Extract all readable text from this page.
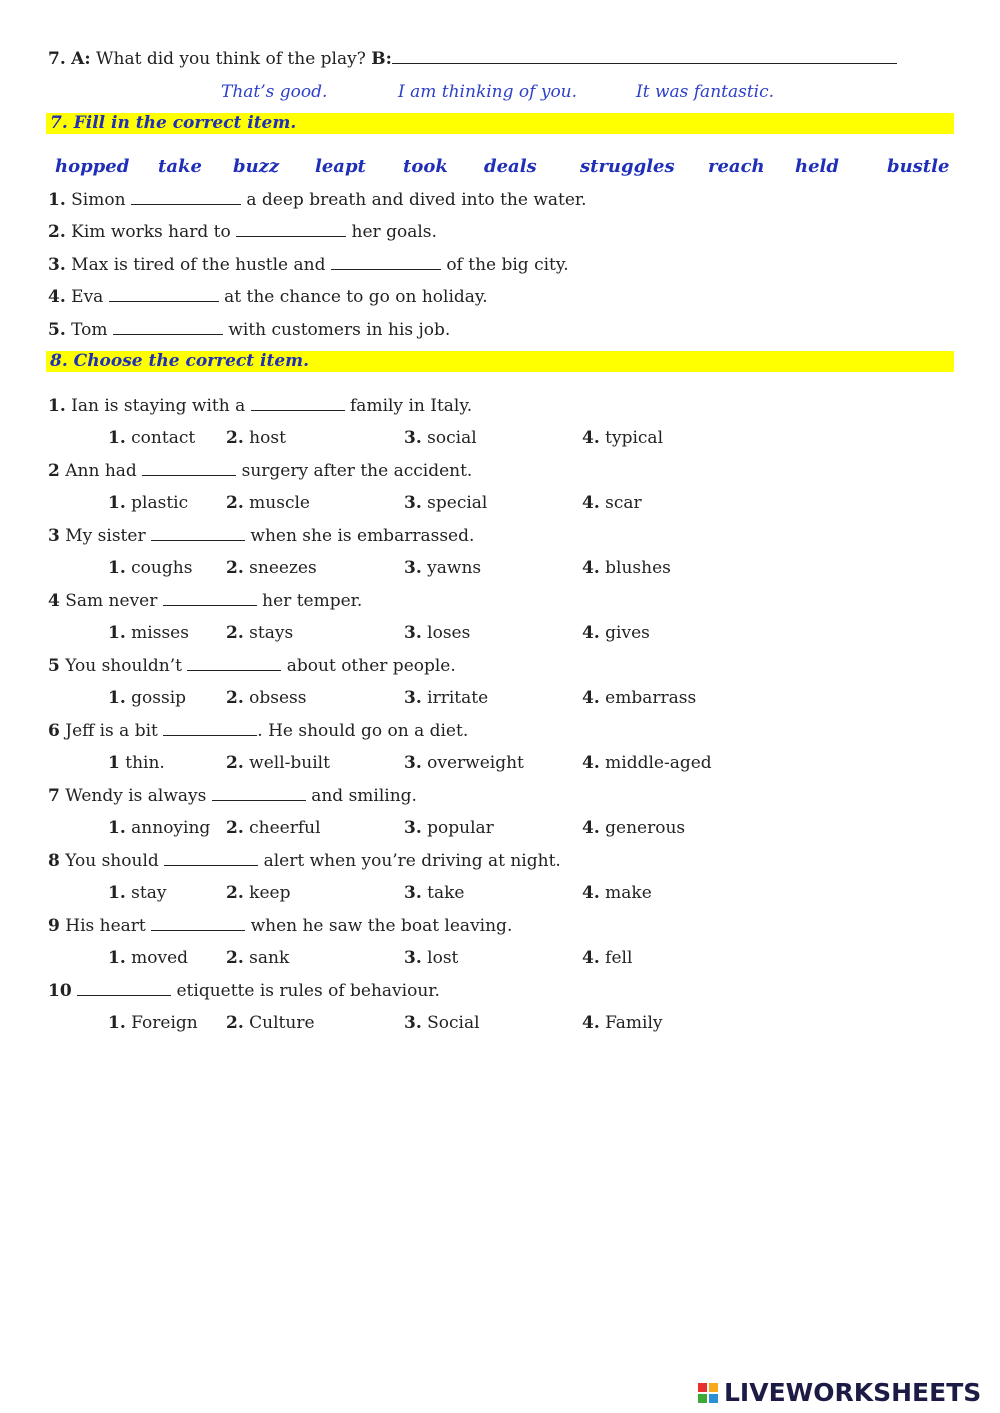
7. A: What did you think of the play? B:
That’s good.	I am thinking of you.	It was fantastic.
7. Fill in the correct item.
hopped take buzz leapt took deals struggles reach held	bustle
1. Simon	a deep breath and dived into the water.
2. Kim works hard to	her goals.
3. Max is tired of the hustle and	of the big city.
4. Eva	at the chance to go on holiday.
5. Tom	with customers in his job.
8. Choose the correct item.
1. Ian is staying with a	family in Italy.
1. contact 2. host	3. social	4. typical
2 Ann had	surgery after the accident.
1. plastic 2. muscle	3. special	4. scar
3 My sister	when she is embarrassed.
1. coughs 2. sneezes	3. yawns	4. blushes
4 Sam never	her temper.
1. misses 2. stays	3. loses	4. gives
5 You shouldn’t	about other people.
1. gossip 2. obsess	3. irritate	4. embarrass
6 Jeff is a bit	. He should go on a diet.
1 thin.	2. well-built	3. overweight	4. middle-aged
7 Wendy is always	and smiling.
1. annoying 2. cheerful	3. popular	4. generous
8 You should	alert when you’re driving at night.
1. stay	2. keep	3. take	4. make
9 His heart	when he saw the boat leaving.
1. moved 2. sank	3. lost	4. fell
10	etiquette is rules of behaviour.
1. Foreign 2. Culture	3. Social	4. Family
LIVEWORKSHEETS
